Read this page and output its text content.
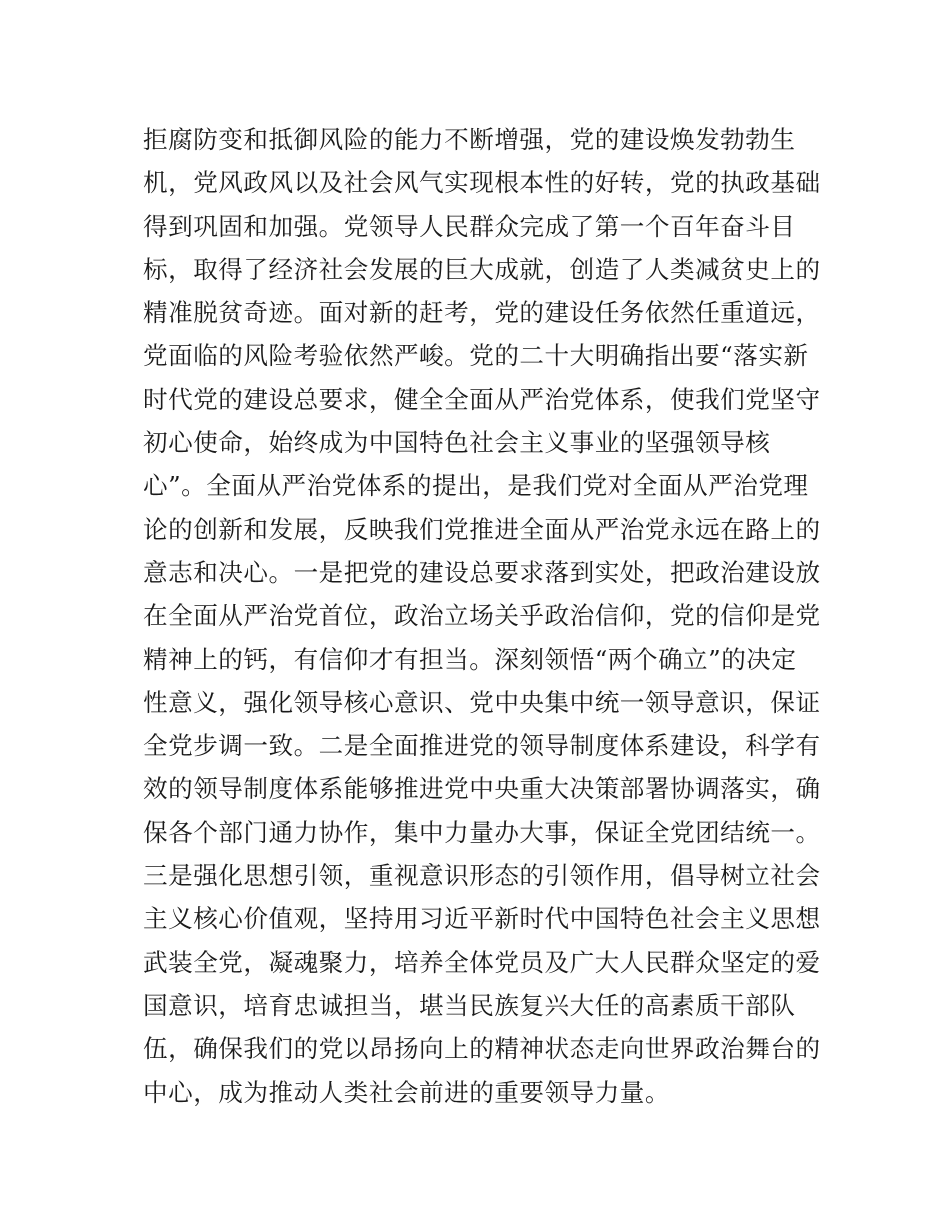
拒腐防变和抵御风险的能力不断增强，党的建设焕发勃勃生
机，党风政风以及社会风气实现根本性的好转，党的执政基础
得到巩固和加强。党领导人民群众完成了第一个百年奋斗目
标，取得了经济社会发展的巨大成就，创造了人类减贫史上的
精准脱贫奇迹。面对新的赶考，党的建设任务依然任重道远，
党面临的风险考验依然严峻。党的二十大明确指出要“落实新
时代党的建设总要求，健全全面从严治党体系，使我们党坚守
初心使命，始终成为中国特色社会主义事业的坚强领导核
心”。全面从严治党体系的提出，是我们党对全面从严治党理
论的创新和发展，反映我们党推进全面从严治党永远在路上的
意志和决心。一是把党的建设总要求落到实处，把政治建设放
在全面从严治党首位，政治立场关乎政治信仰，党的信仰是党
精神上的钙，有信仰才有担当。深刻领悟“两个确立”的决定
性意义，强化领导核心意识、党中央集中统一领导意识，保证
全党步调一致。二是全面推进党的领导制度体系建设，科学有
效的领导制度体系能够推进党中央重大决策部署协调落实，确
保各个部门通力协作，集中力量办大事，保证全党团结统一。
三是强化思想引领，重视意识形态的引领作用，倡导树立社会
主义核心价值观，坚持用习近平新时代中国特色社会主义思想
武装全党，凝魂聚力，培养全体党员及广大人民群众坚定的爱
国意识，培育忠诚担当，堪当民族复兴大任的高素质干部队
伍，确保我们的党以昂扬向上的精神状态走向世界政治舞台的
中心，成为推动人类社会前进的重要领导力量。
